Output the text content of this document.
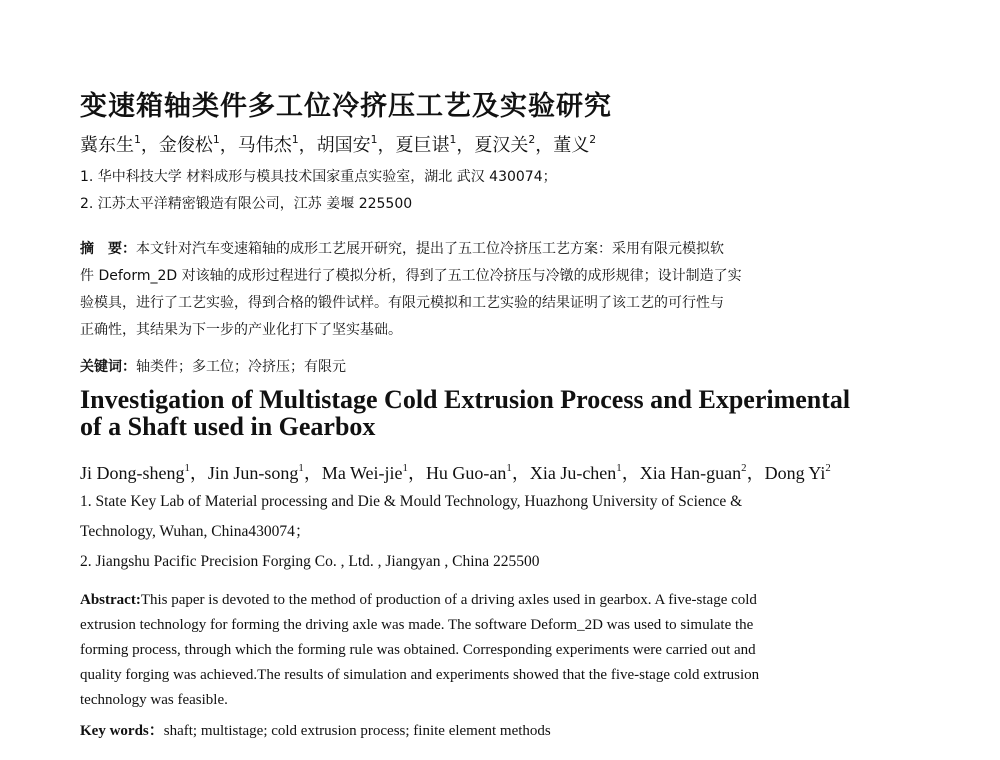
变速箱轴类件多工位冷挤压工艺及实验研究
冀东生$^1$，金俊松$^1$，马伟杰$^1$，胡国安$^1$，夏巨谌$^1$，夏汉关$^2$，董义$^2$
1. 华中科技大学 材料成形与模具技术国家重点实验室，湖北 武汉 430074；
2. 江苏太平洋精密锻造有限公司，江苏 姜堰 225500
摘　要：本文针对汽车变速箱轴的成形工艺展开研究，提出了五工位冷挤压工艺方案：采用有限元模拟软
件 Deform_2D 对该轴的成形过程进行了模拟分析，得到了五工位冷挤压与冷镦的成形规律；设计制造了实
验模具，进行了工艺实验，得到合格的锻件试样。有限元模拟和工艺实验的结果证明了该工艺的可行性与
正确性，其结果为下一步的产业化打下了坚实基础。
关键词：轴类件；多工位；冷挤压；有限元
Investigation of Multistage Cold Extrusion Process and Experimental
of a Shaft used in Gearbox
Ji Dong-sheng$^1$，Jin Jun-song$^1$，Ma Wei-jie$^1$，Hu Guo-$an^1$，Xia Ju-chen$^1$，Xia Han-guan$^2$，Dong Yi$^2$
1. State Key Lab of Material processing and Die & Mould Technology, Huazhong University of Science &
Technology, Wuhan, China430074；
2. Jiangshu Pacific Precision Forging Co. , Ltd. , Jiangyan , China 225500
Abstract:This paper is devoted to the method of production of a driving axles used in gearbox. A five-stage cold
extrusion technology for forming the driving axle was made. The software Deform_2D was used to simulate the
forming process, through which the forming rule was obtained. Corresponding experiments were carried out and
quality forging was achieved.The results of simulation and experiments showed that the five-stage cold extrusion
technology was feasible.
Key words：shaft; multistage; cold extrusion process; finite element methods
